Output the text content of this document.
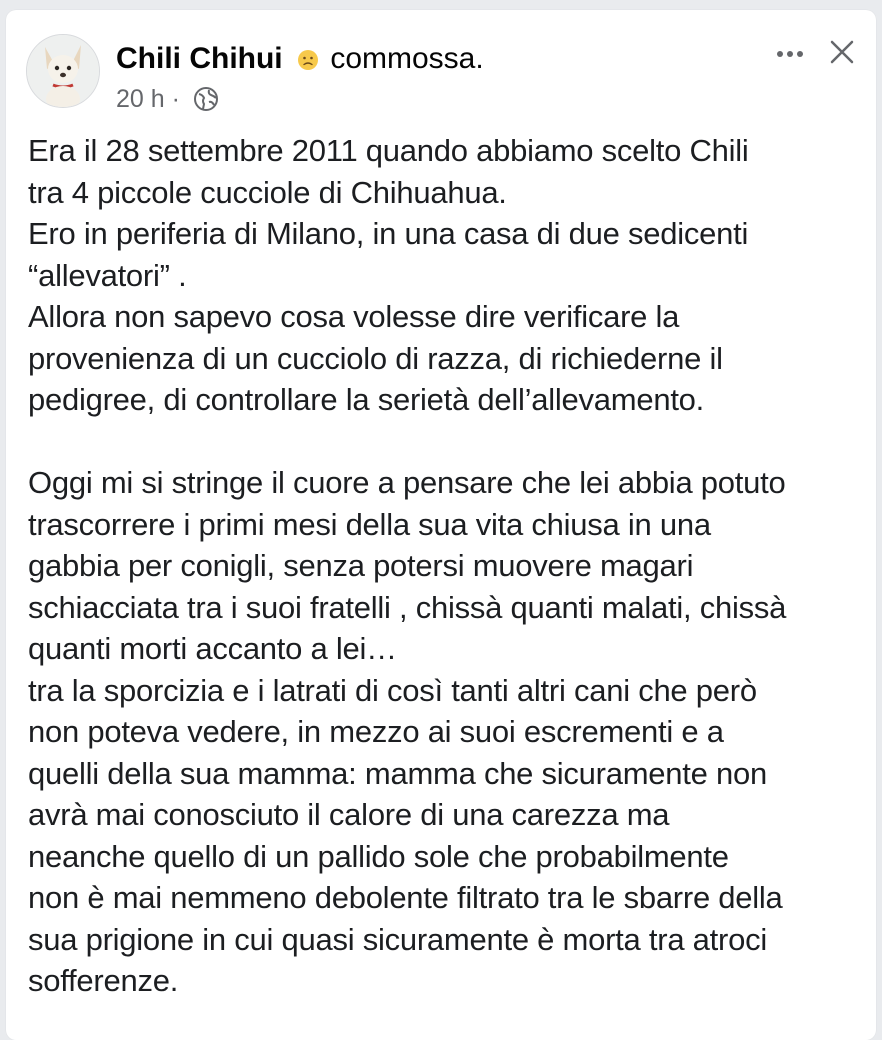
Chili Chihui commossa.
20 h ·

Era il 28 settembre 2011 quando abbiamo scelto Chili
tra 4 piccole cucciole di Chihuahua.
Ero in periferia di Milano, in una casa di due sedicenti
“allevatori” .
Allora non sapevo cosa volesse dire verificare la
provenienza di un cucciolo di razza, di richiederne il
pedigree, di controllare la serietà dell’allevamento.

Oggi mi si stringe il cuore a pensare che lei abbia potuto
trascorrere i primi mesi della sua vita chiusa in una
gabbia per conigli, senza potersi muovere magari
schiacciata tra i suoi fratelli , chissà quanti malati, chissà
quanti morti accanto a lei…
tra la sporcizia e i latrati di così tanti altri cani che però
non poteva vedere, in mezzo ai suoi escrementi e a
quelli della sua mamma: mamma che sicuramente non
avrà mai conosciuto il calore di una carezza ma
neanche quello di un pallido sole che probabilmente
non è mai nemmeno debolente filtrato tra le sbarre della
sua prigione in cui quasi sicuramente è morta tra atroci
sofferenze.
